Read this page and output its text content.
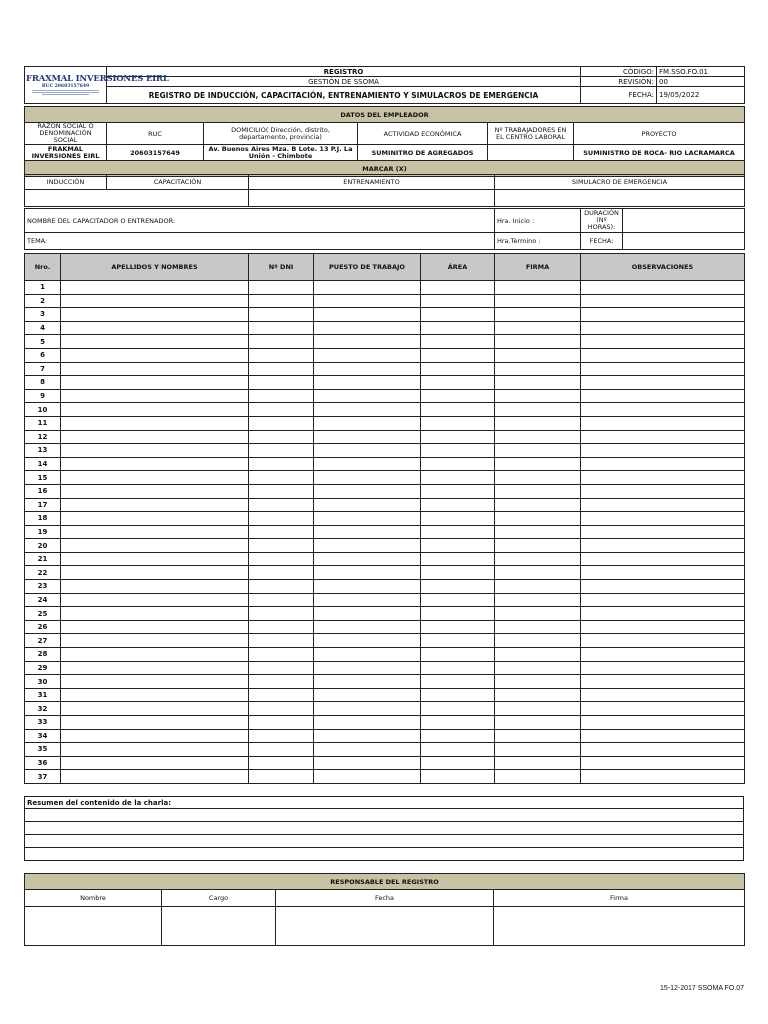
FRAXMAL INVERSIONES EIRL
RUC 20603157649	REGISTRO	CÓDIGO:	FM.SSO.FO.01
	GESTIÓN DE SSOMA	REVISIÓN:	00
	REGISTRO DE INDUCCIÓN, CAPACITACIÓN, ENTRENAMIENTO Y SIMULACROS DE EMERGENCIA	FECHA:	19/05/2022
DATOS DEL EMPLEADOR					
RAZÓN SOCIAL O DENOMINACIÓN SOCIAL	RUC	DOMICILIO( Dirección, distrito, departamento, provincia)	ACTIVIDAD ECONÓMICA	Nº TRABAJADORES EN EL CENTRO LABORAL	PROYECTO
FRAKMAL INVERSIONES EIRL	20603157649	Av. Buenos Aires Mza. B Lote. 13 P.J. La Unión - Chimbote	SUMINITRO DE AGREGADOS		SUMINISTRO DE ROCA- RIO LACRAMARCA
MARCAR (X)					
INDUCCIÓN	CAPACITACIÓN	ENTRENAMIENTO	SIMULACRO DE EMERGENCIA

NOMBRE DEL CAPACITADOR O ENTRENADOR:	Hra. Inicio :	DURACIÓN (Nº HORAS):	
TEMA:	Hra.Termino :	FECHA:	
Nro.	APELLIDOS Y NOMBRES	Nº DNI	PUESTO DE TRABAJO	ÁREA	FIRMA	OBSERVACIONES
1						
2						
3						
4						
5						
6						
7						
8						
9						
10						
11						
12						
13						
14						
15						
16						
17						
18						
19						
20						
21						
22						
23						
24						
25						
26						
27						
28						
29						
30						
31						
32						
33						
34						
35						
36						
37						
Resumen del contenido de la charla:

RESPONSABLE DEL REGISTRO			
Nombre	Cargo	Fecha	Firma

15-12-2017 SSOMA FO.07
